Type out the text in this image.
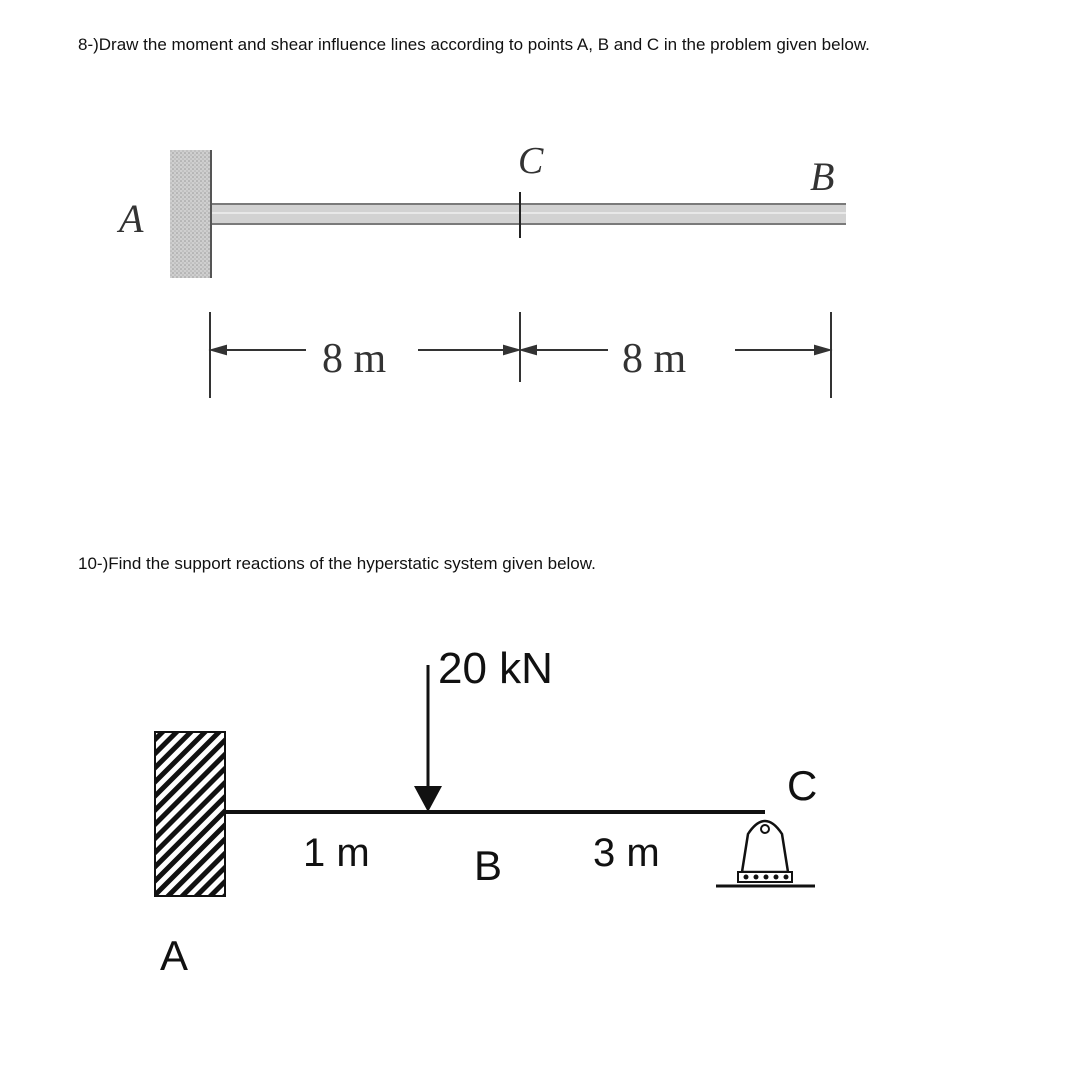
8-)Draw the moment and shear influence lines according to points A, B and C in the problem given below.
A
C	B
8 m	8 m
10-)Find the support reactions of the hyperstatic system given below.
20 kN
1 m	3 m
B
C
A
